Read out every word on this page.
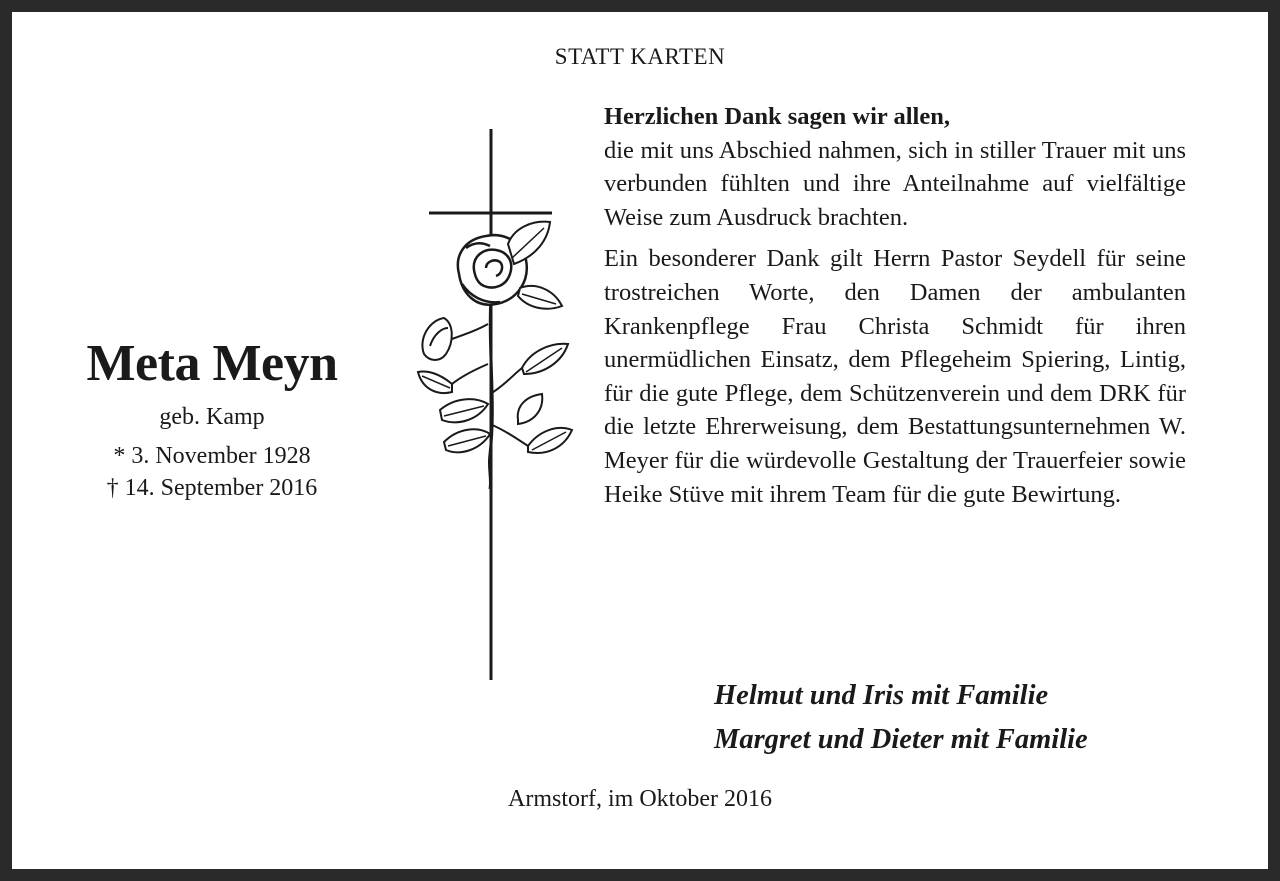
STATT KARTEN
Meta Meyn
geb. Kamp
* 3. November 1928
† 14. September 2016

Herzlichen Dank sagen wir allen,

die mit uns Abschied nahmen, sich in stiller Trauer mit uns verbunden fühlten und ihre Anteilnahme auf vielfältige Weise zum Ausdruck brachten.

Ein besonderer Dank gilt Herrn Pastor Seydell für seine trostreichen Worte, den Damen der ambulanten Krankenpflege Frau Christa Schmidt für ihren unermüdlichen Einsatz, dem Pflegeheim Spiering, Lintig, für die gute Pflege, dem Schützenverein und dem DRK für die letzte Ehrerweisung, dem Bestattungsunternehmen W. Meyer für die würdevolle Gestaltung der Trauerfeier sowie Heike Stüve mit ihrem Team für die gute Bewirtung.

Helmut und Iris mit Familie
Margret und Dieter mit Familie
Armstorf, im Oktober 2016
